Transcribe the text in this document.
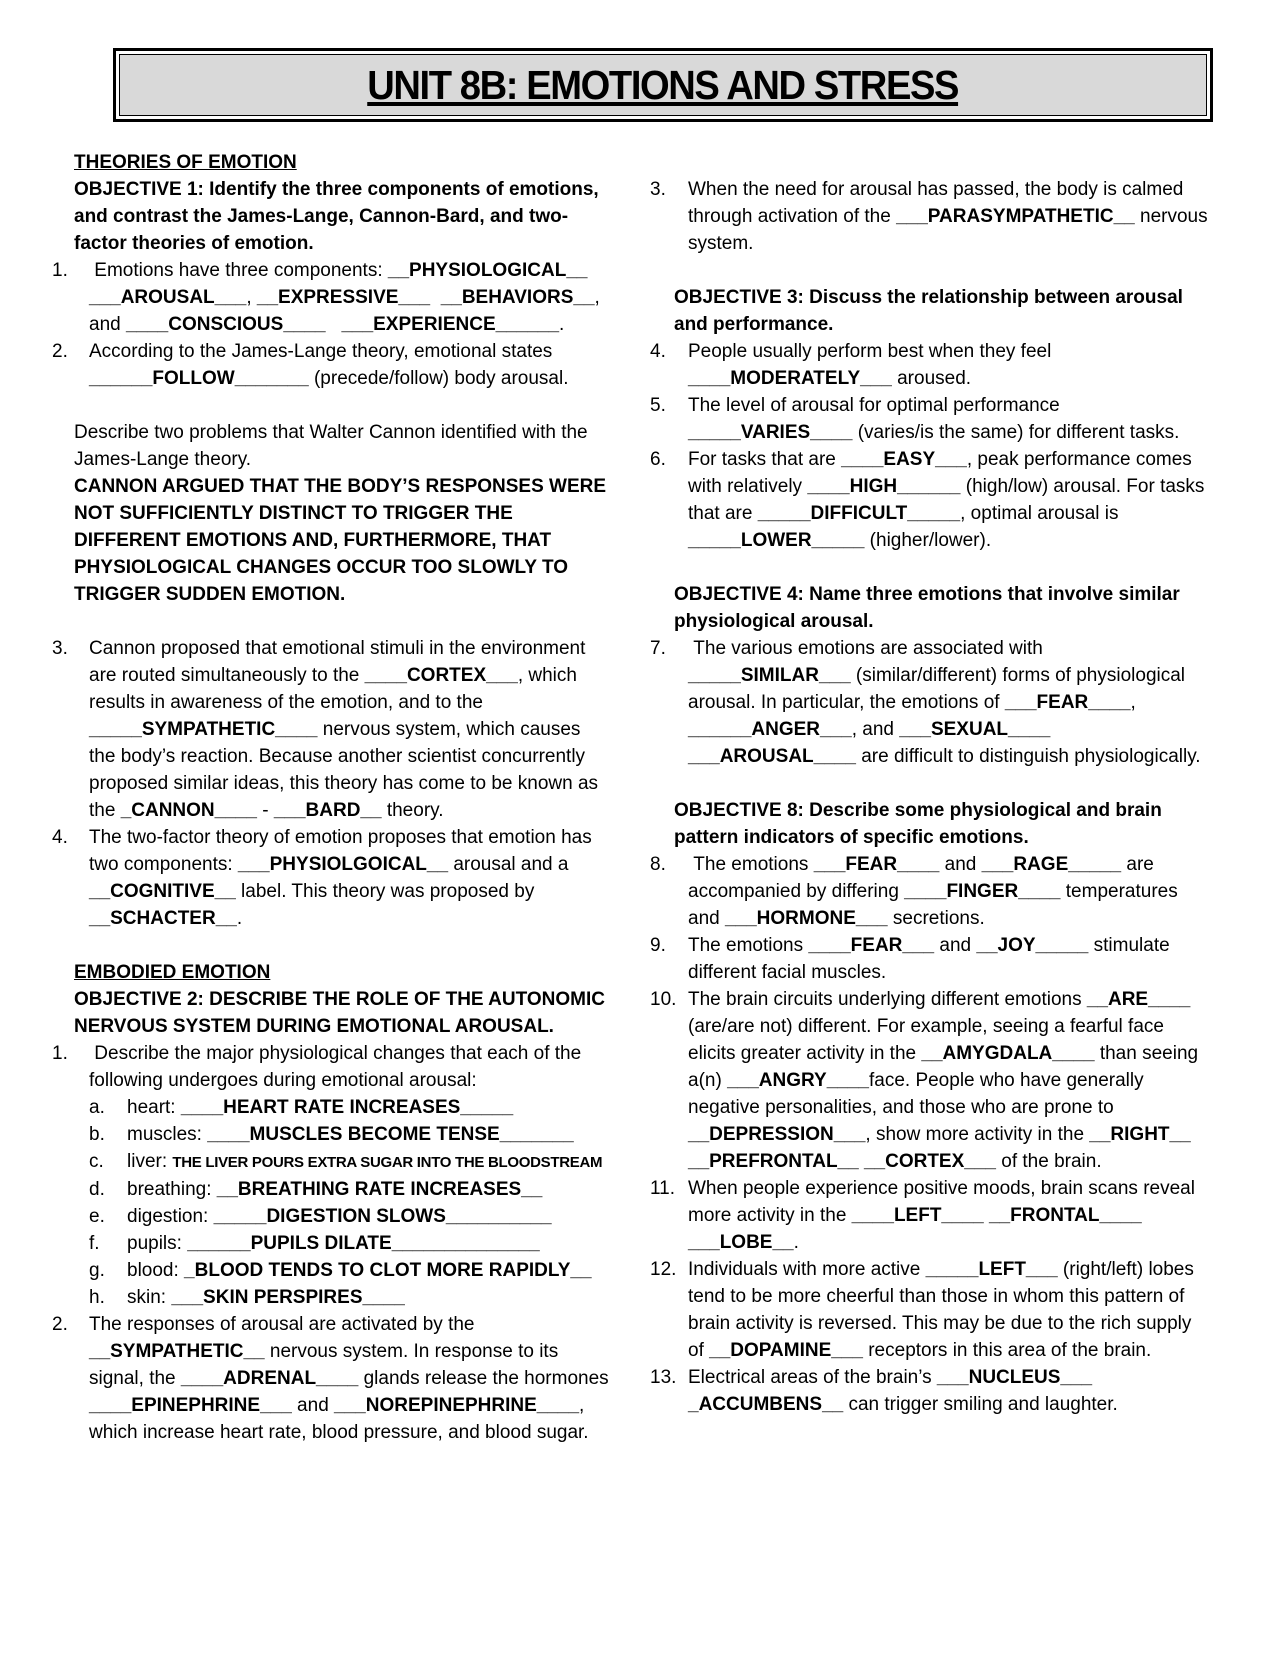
UNIT 8B: EMOTIONS AND STRESS
THEORIES OF EMOTION
OBJECTIVE 1: Identify the three components of emotions, and contrast the James-Lange, Cannon-Bard, and two-factor theories of emotion.
1.	Emotions have three components: __PHYSIOLOGICAL__ ___AROUSAL___, __EXPRESSIVE___ __BEHAVIORS__, and ____CONSCIOUS____ ___EXPERIENCE______.
2.	According to the James-Lange theory, emotional states ______FOLLOW_______ (precede/follow) body arousal.
Describe two problems that Walter Cannon identified with the James-Lange theory.
CANNON ARGUED THAT THE BODY’S RESPONSES WERE NOT SUFFICIENTLY DISTINCT TO TRIGGER THE DIFFERENT EMOTIONS AND, FURTHERMORE, THAT PHYSIOLOGICAL CHANGES OCCUR TOO SLOWLY TO TRIGGER SUDDEN EMOTION.
3.	Cannon proposed that emotional stimuli in the environment are routed simultaneously to the ____CORTEX___, which results in awareness of the emotion, and to the _____SYMPATHETIC____ nervous system, which causes the body’s reaction. Because another scientist concurrently proposed similar ideas, this theory has come to be known as the _CANNON____ - ___BARD__ theory.
4.	The two-factor theory of emotion proposes that emotion has two components: ___PHYSIOLGOICAL__ arousal and a __COGNITIVE__ label. This theory was proposed by __SCHACTER__.
EMBODIED EMOTION
OBJECTIVE 2: DESCRIBE THE ROLE OF THE AUTONOMIC NERVOUS SYSTEM DURING EMOTIONAL AROUSAL.
1.	Describe the major physiological changes that each of the following undergoes during emotional arousal:
a.	heart: ____HEART RATE INCREASES_____
b.	muscles: ____MUSCLES BECOME TENSE_______
c.	liver: THE LIVER POURS EXTRA SUGAR INTO THE BLOODSTREAM
d.	breathing: __BREATHING RATE INCREASES__
e.	digestion: _____DIGESTION SLOWS__________
f.	pupils: ______PUPILS DILATE______________
g.	blood: _BLOOD TENDS TO CLOT MORE RAPIDLY__
h.	skin: ___SKIN PERSPIRES____
2.	The responses of arousal are activated by the __SYMPATHETIC__ nervous system. In response to its signal, the ____ADRENAL____ glands release the hormones ____EPINEPHRINE___ and ___NOREPINEPHRINE____, which increase heart rate, blood pressure, and blood sugar.
3.	When the need for arousal has passed, the body is calmed through activation of the ___PARASYMPATHETIC__ nervous system.
OBJECTIVE 3: Discuss the relationship between arousal and performance.
4.	People usually perform best when they feel ____MODERATELY___ aroused.
5.	The level of arousal for optimal performance _____VARIES____ (varies/is the same) for different tasks.
6.	For tasks that are ____EASY___, peak performance comes with relatively ____HIGH______ (high/low) arousal. For tasks that are _____DIFFICULT_____, optimal arousal is _____LOWER_____ (higher/lower).
OBJECTIVE 4: Name three emotions that involve similar physiological arousal.
7.	The various emotions are associated with _____SIMILAR___ (similar/different) forms of physiological arousal. In particular, the emotions of ___FEAR____, ______ANGER___, and ___SEXUAL____ ___AROUSAL____ are difficult to distinguish physiologically.
OBJECTIVE 8: Describe some physiological and brain pattern indicators of specific emotions.
8.	The emotions ___FEAR____ and ___RAGE_____ are accompanied by differing ____FINGER____ temperatures and ___HORMONE___ secretions.
9.	The emotions ____FEAR___ and __JOY_____ stimulate different facial muscles.
10. The brain circuits underlying different emotions __ARE____ (are/are not) different. For example, seeing a fearful face elicits greater activity in the __AMYGDALA____ than seeing a(n) ___ANGRY____face. People who have generally negative personalities, and those who are prone to __DEPRESSION___, show more activity in the __RIGHT__ __PREFRONTAL__ __CORTEX___ of the brain.
11. When people experience positive moods, brain scans reveal more activity in the ____LEFT____ __FRONTAL____ ___LOBE__.
12. Individuals with more active _____LEFT___ (right/left) lobes tend to be more cheerful than those in whom this pattern of brain activity is reversed. This may be due to the rich supply of __DOPAMINE___ receptors in this area of the brain.
13. Electrical areas of the brain’s ___NUCLEUS___ _ACCUMBENS__ can trigger smiling and laughter.
